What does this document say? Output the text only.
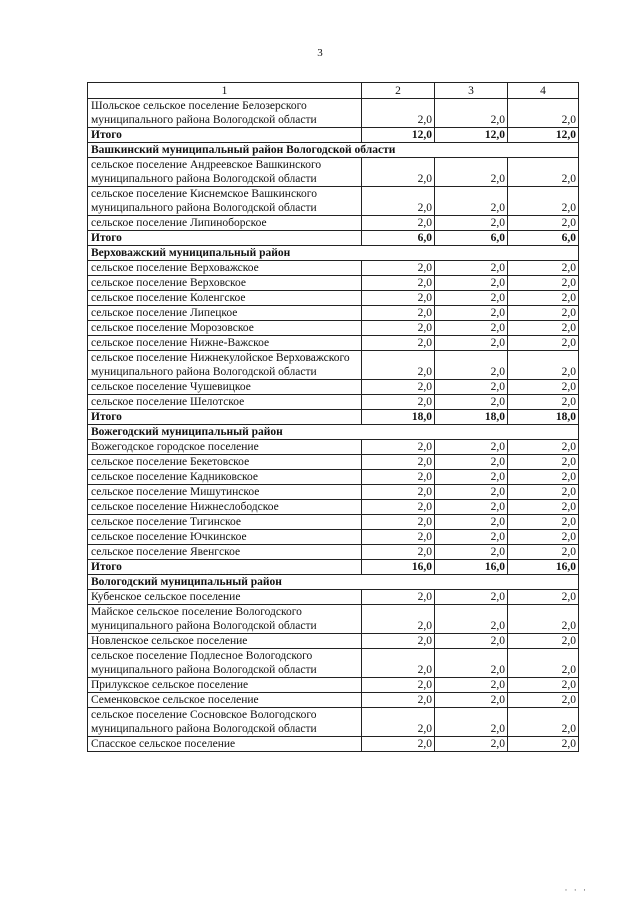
3
1	2	3	4
Шольское сельское поселение Белозерского муниципального района Вологодской области	2,0	2,0	2,0
Итого	12,0	12,0	12,0
Вашкинский муниципальный район Вологодской области			
сельское поселение Андреевское Вашкинского муниципального района Вологодской области	2,0	2,0	2,0
сельское поселение Киснемское Вашкинского муниципального района Вологодской области	2,0	2,0	2,0
сельское поселение Липиноборское	2,0	2,0	2,0
Итого	6,0	6,0	6,0
Верховажский муниципальный район			
сельское поселение Верховажское	2,0	2,0	2,0
сельское поселение Верховское	2,0	2,0	2,0
сельское поселение Коленгское	2,0	2,0	2,0
сельское поселение Липецкое	2,0	2,0	2,0
сельское поселение Морозовское	2,0	2,0	2,0
сельское поселение Нижне-Важское	2,0	2,0	2,0
сельское поселение Нижнекулойское Верховажского муниципального района Вологодской области	2,0	2,0	2,0
сельское поселение Чушевицкое	2,0	2,0	2,0
сельское поселение Шелотское	2,0	2,0	2,0
Итого	18,0	18,0	18,0
Вожегодский муниципальный район			
Вожегодское городское поселение	2,0	2,0	2,0
сельское поселение Бекетовское	2,0	2,0	2,0
сельское поселение Кадниковское	2,0	2,0	2,0
сельское поселение Мишутинское	2,0	2,0	2,0
сельское поселение Нижнеслободское	2,0	2,0	2,0
сельское поселение Тигинское	2,0	2,0	2,0
сельское поселение Ючкинское	2,0	2,0	2,0
сельское поселение Явенгское	2,0	2,0	2,0
Итого	16,0	16,0	16,0
Вологодский муниципальный район			
Кубенское сельское поселение	2,0	2,0	2,0
Майское сельское поселение Вологодского муниципального района Вологодской области	2,0	2,0	2,0
Новленское сельское поселение	2,0	2,0	2,0
сельское поселение Подлесное Вологодского муниципального района Вологодской области	2,0	2,0	2,0
Прилукское сельское поселение	2,0	2,0	2,0
Семенковское сельское поселение	2,0	2,0	2,0
сельское поселение Сосновское Вологодского муниципального района Вологодской области	2,0	2,0	2,0
Спасское сельское поселение	2,0	2,0	2,0
· · ·
